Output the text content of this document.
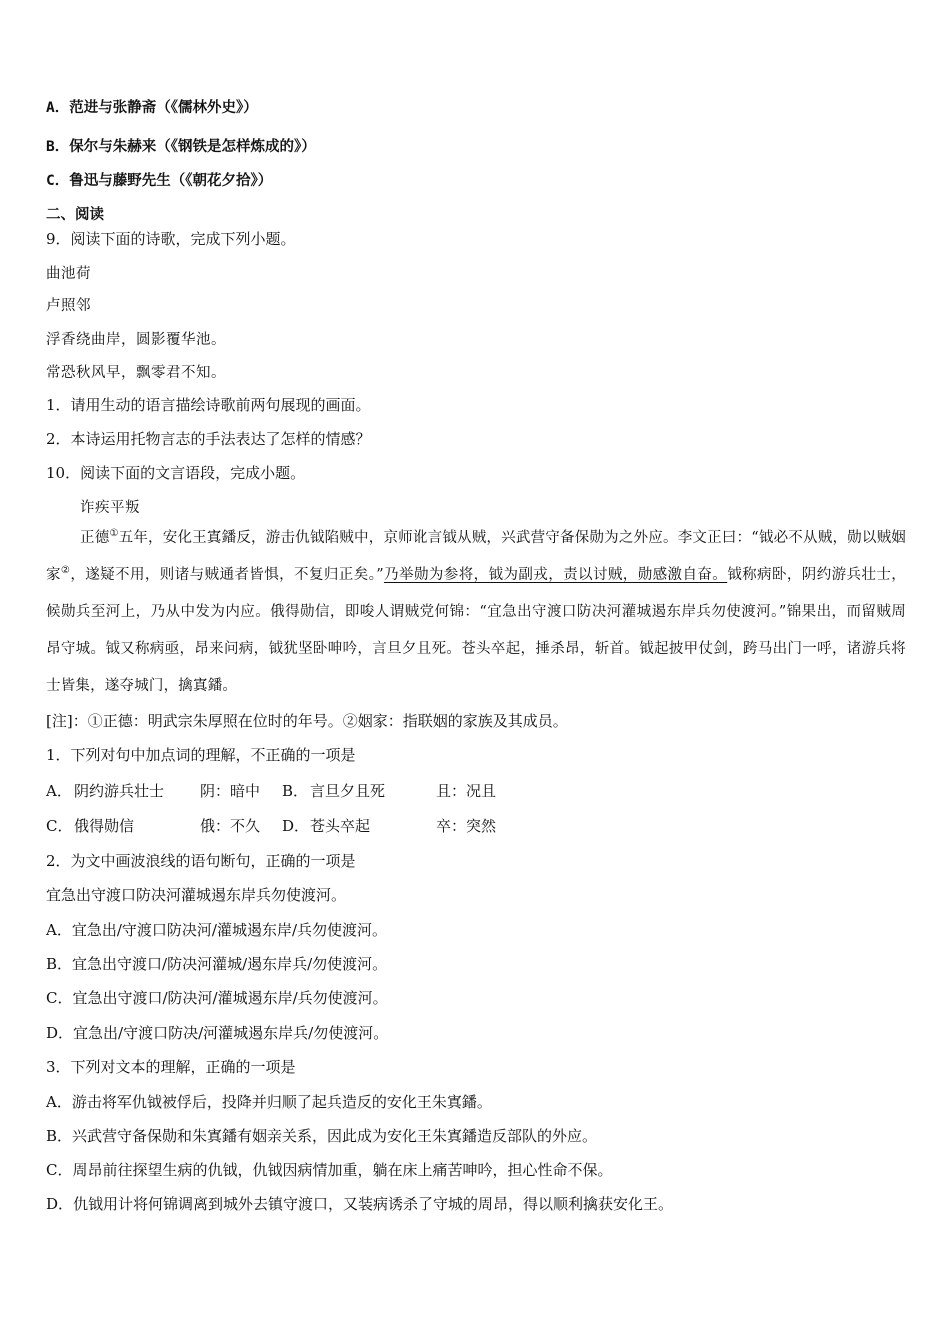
A．范进与张静斋（《儒林外史》）
B．保尔与朱赫来（《钢铁是怎样炼成的》）
C．鲁迅与藤野先生（《朝花夕拾》）
二、阅读
9．阅读下面的诗歌，完成下列小题。
曲池荷
卢照邻
浮香绕曲岸，圆影覆华池。
常恐秋风早，飘零君不知。
1．请用生动的语言描绘诗歌前两句展现的画面。
2．本诗运用托物言志的手法表达了怎样的情感？
10．阅读下面的文言语段，完成小题。
诈疾平叛
正德①五年，安化王寘鐇反，游击仇钺陷贼中，京师讹言钺从贼，兴武营守备保勋为之外应。李文正曰：“钺必不从贼，勋以贼姻家②，遂疑不用，则诸与贼通者皆惧，不复归正矣。”乃举勋为参将，钺为副戎，责以讨贼，勋感激自奋。钺称病卧，阴约游兵壮士，候勋兵至河上，乃从中发为内应。俄得勋信，即唆人谓贼党何锦：“宜急出守渡口防决河灌城遏东岸兵勿使渡河。”锦果出，而留贼周昂守城。钺又称病亟，昂来问病，钺犹坚卧呻吟，言旦夕且死。苍头卒起，捶杀昂，斩首。钺起披甲仗剑，跨马出门一呼，诸游兵将士皆集，遂夺城门，擒寘鐇。
[注]：①正德：明武宗朱厚照在位时的年号。②姻家：指联姻的家族及其成员。
1．下列对句中加点词的理解，不正确的一项是
A． 阴约游兵壮士 阴：暗中 B． 言旦夕且死	且：况且
C． 俄得勋信	俄：不久 D．苍头卒起	卒：突然
2．为文中画波浪线的语句断句，正确的一项是
宜急出守渡口防决河灌城遏东岸兵勿使渡河。
A．宜急出/守渡口防决河/灌城遏东岸/兵勿使渡河。
B．宜急出守渡口/防决河灌城/遏东岸兵/勿使渡河。
C．宜急出守渡口/防决河/灌城遏东岸/兵勿使渡河。
D．宜急出/守渡口防决/河灌城遏东岸兵/勿使渡河。
3．下列对文本的理解，正确的一项是
A．游击将军仇钺被俘后，投降并归顺了起兵造反的安化王朱寘鐇。
B．兴武营守备保勋和朱寘鐇有姻亲关系，因此成为安化王朱寘鐇造反部队的外应。
C．周昂前往探望生病的仇钺，仇钺因病情加重，躺在床上痛苦呻吟，担心性命不保。
D．仇钺用计将何锦调离到城外去镇守渡口，又装病诱杀了守城的周昂，得以顺利擒获安化王。
